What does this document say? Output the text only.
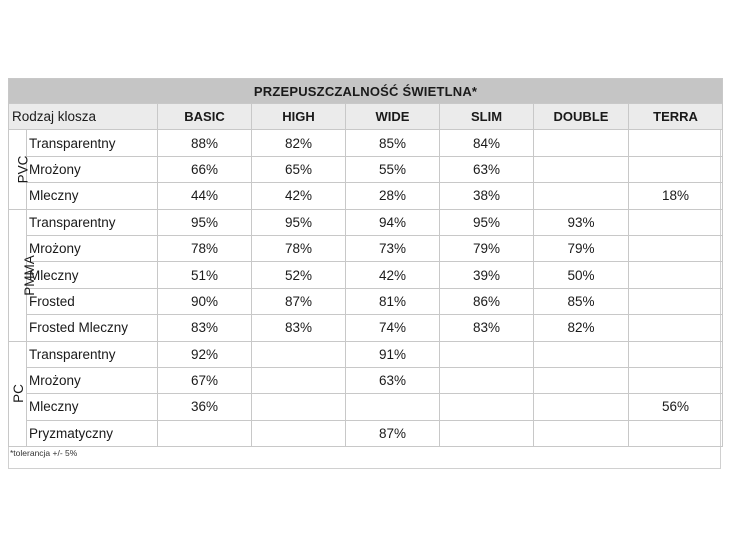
PRZEPUSZCZALNOŚĆ ŚWIETLNA*							
Rodzaj klosza		BASIC	HIGH	WIDE	SLIM	DOUBLE	TERRA
PVC	Transparentny	88%	82%	85%	84%		
	Mrożony	66%	65%	55%	63%		
	Mleczny	44%	42%	28%	38%		18%
PMMA	Transparentny	95%	95%	94%	95%	93%	
	Mrożony	78%	78%	73%	79%	79%	
	Mleczny	51%	52%	42%	39%	50%	
	Frosted	90%	87%	81%	86%	85%	
	Frosted Mleczny	83%	83%	74%	83%	82%	
PC	Transparentny	92%		91%			
	Mrożony	67%		63%			
	Mleczny	36%					56%
	Pryzmatyczny			87%			
*tolerancja +/- 5%
